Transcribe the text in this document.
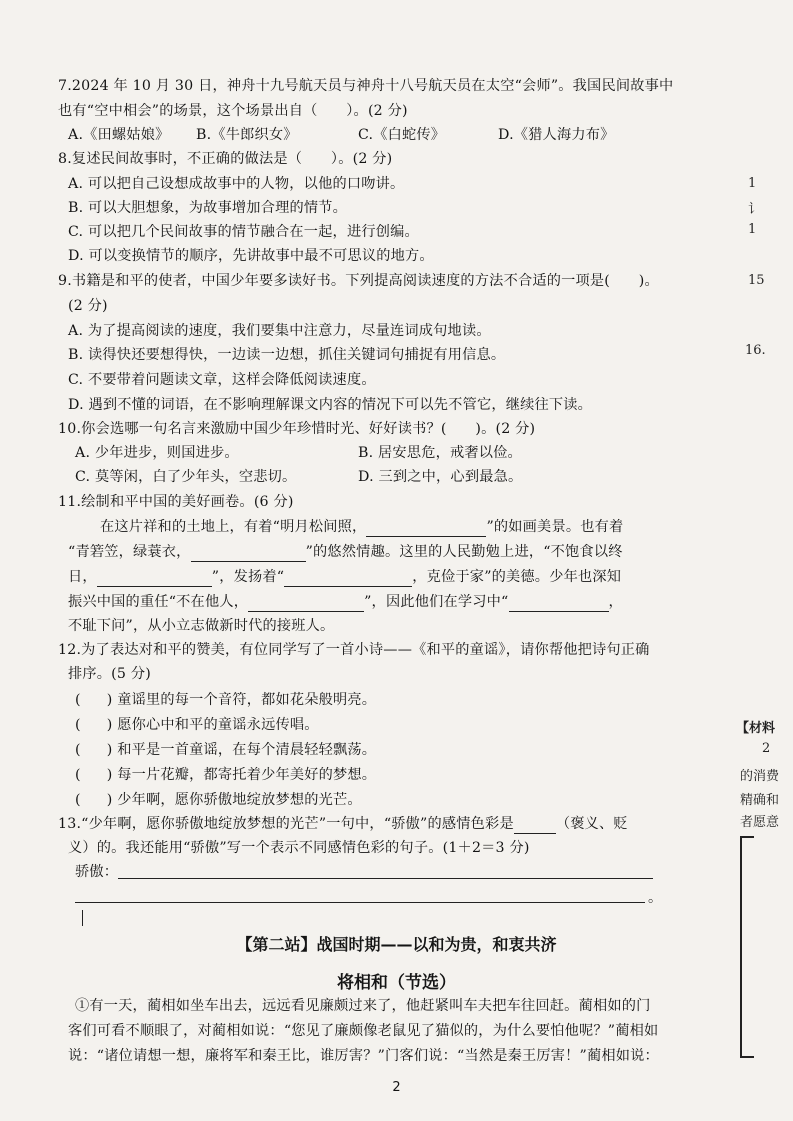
7.2024 年 10 月 30 日，神舟十九号航天员与神舟十八号航天员在太空“会师”。我国民间故事中
也有“空中相会”的场景，这个场景出自（　　）。(2 分)
A.《田螺姑娘》 B.《牛郎织女》	C.《白蛇传》	D.《猎人海力布》
8.复述民间故事时，不正确的做法是（　　）。(2 分)
A. 可以把自己设想成故事中的人物，以他的口吻讲。
B. 可以大胆想象，为故事增加合理的情节。
C. 可以把几个民间故事的情节融合在一起，进行创编。
D. 可以变换情节的顺序，先讲故事中最不可思议的地方。
9.书籍是和平的使者，中国少年要多读好书。下列提高阅读速度的方法不合适的一项是(　　)。
(2 分)
A. 为了提高阅读的速度，我们要集中注意力，尽量连词成句地读。
B. 读得快还要想得快，一边读一边想，抓住关键词句捕捉有用信息。
C. 不要带着问题读文章，这样会降低阅读速度。
D. 遇到不懂的词语，在不影响理解课文内容的情况下可以先不管它，继续往下读。
10.你会选哪一句名言来激励中国少年珍惜时光、好好读书？(　　)。(2 分)
A. 少年进步，则国进步。	B. 居安思危，戒奢以俭。
C. 莫等闲，白了少年头，空悲切。	D. 三到之中，心到最急。
11.绘制和平中国的美好画卷。(6 分)
在这片祥和的土地上，有着“明月松间照，	”的如画美景。也有着
“青箬笠，绿蓑衣，	”的悠然情趣。这里的人民勤勉上进，“不饱食以终
日，	”，发扬着“	，克俭于家”的美德。少年也深知
振兴中国的重任“不在他人，	”，因此他们在学习中“	，
不耻下问”，从小立志做新时代的接班人。
12.为了表达对和平的赞美，有位同学写了一首小诗——《和平的童谣》，请你帮他把诗句正确
排序。(5 分)
( ) 童谣里的每一个音符，都如花朵般明亮。
( ) 愿你心中和平的童谣永远传唱。
( ) 和平是一首童谣，在每个清晨轻轻飘荡。
( ) 每一片花瓣，都寄托着少年美好的梦想。
( ) 少年啊，愿你骄傲地绽放梦想的光芒。
13.“少年啊，愿你骄傲地绽放梦想的光芒”一句中，“骄傲”的感情色彩是	（褒义、贬
义）的。我还能用“骄傲”写一个表示不同感情色彩的句子。(1＋2＝3 分)
骄傲：
。
【第二站】战国时期——以和为贵，和衷共济
将相和（节选）
①有一天，蔺相如坐车出去，远远看见廉颇过来了，他赶紧叫车夫把车往回赶。蔺相如的门
客们可看不顺眼了，对蔺相如说：“您见了廉颇像老鼠见了猫似的，为什么要怕他呢？”蔺相如
说：“诸位请想一想，廉将军和秦王比，谁厉害？”门客们说：“当然是秦王厉害！”蔺相如说：
2
1
讠
1
15
16.
【材料
2
的消费
精确和
者愿意
